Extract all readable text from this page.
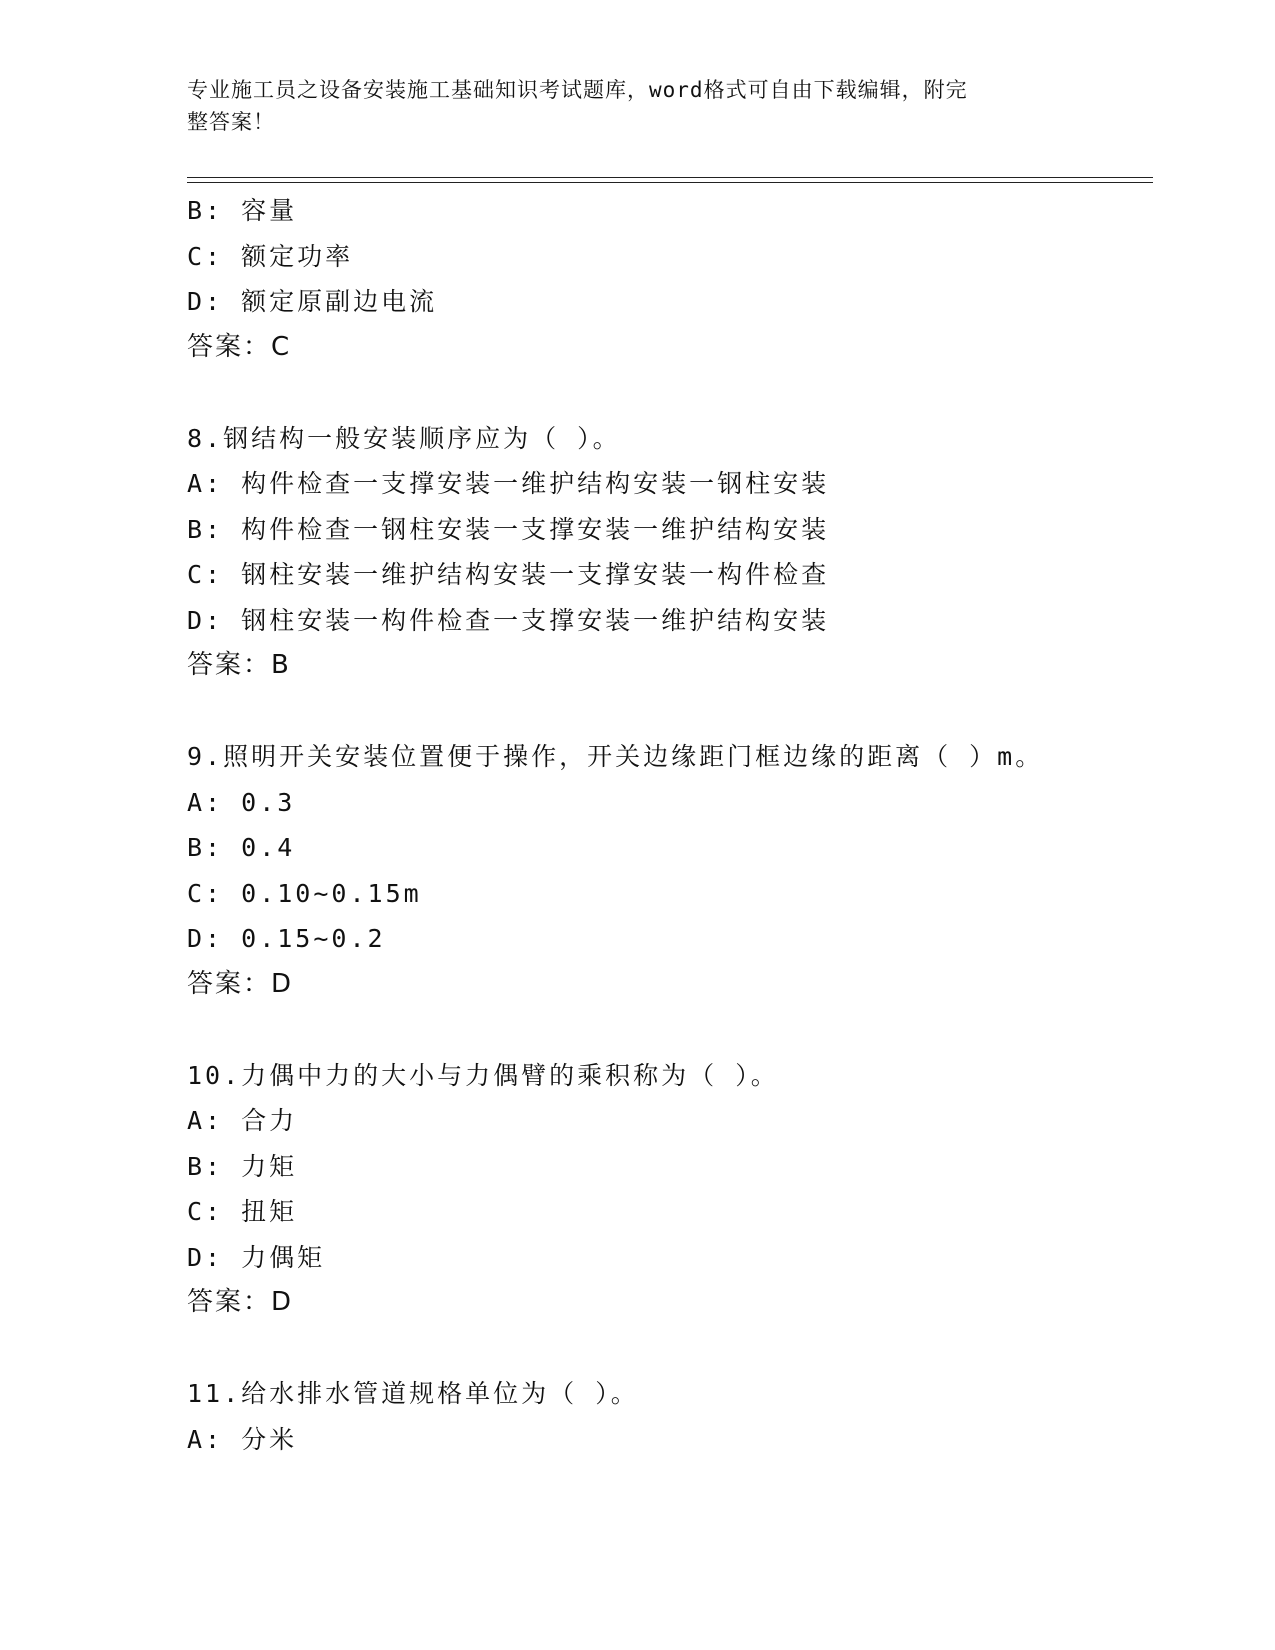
专业施工员之设备安装施工基础知识考试题库，word格式可自由下载编辑，附完
整答案！
B: 容量
C: 额定功率
D: 额定原副边电流
答案：C
8.钢结构一般安装顺序应为（ ）。
A: 构件检查一支撑安装一维护结构安装一钢柱安装
B: 构件检查一钢柱安装一支撑安装一维护结构安装
C: 钢柱安装一维护结构安装一支撑安装一构件检查
D: 钢柱安装一构件检查一支撑安装一维护结构安装
答案：B
9.照明开关安装位置便于操作，开关边缘距门框边缘的距离（ ）m。
A: 0.3
B: 0.4
C: 0.10~0.15m
D: 0.15~0.2
答案：D
10.力偶中力的大小与力偶臂的乘积称为（ ）。
A: 合力
B: 力矩
C: 扭矩
D: 力偶矩
答案：D
11.给水排水管道规格单位为（ ）。
A: 分米
